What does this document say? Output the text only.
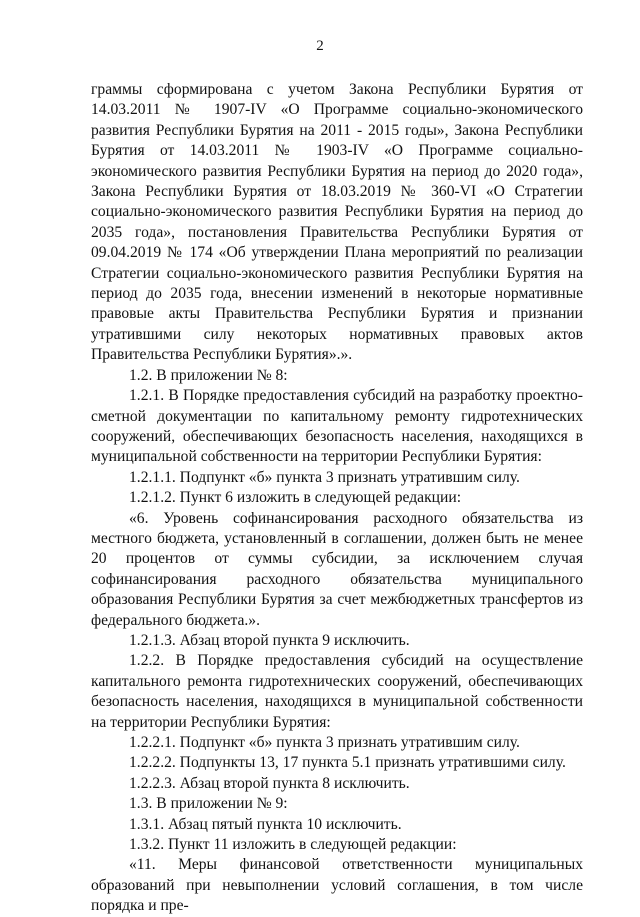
2

граммы сформирована с учетом Закона Республики Бурятия от 14.03.2011 № 1907-IV «О Программе социально-экономического развития Республики Бурятия на 2011 - 2015 годы», Закона Республики Бурятия от 14.03.2011 № 1903-IV «О Программе социально-экономического развития Республики Бурятия на период до 2020 года», Закона Республики Бурятия от 18.03.2019 № 360-VI «О Стратегии социально-экономического развития Республики Бурятия на период до 2035 года», постановления Правительства Республики Бурятия от 09.04.2019 № 174 «Об утверждении Плана мероприятий по реализации Стратегии социально-экономического развития Республики Бурятия на период до 2035 года, внесении изменений в некоторые нормативные правовые акты Правительства Республики Бурятия и признании утратившими силу некоторых нормативных правовых актов Правительства Республики Бурятия».».

1.2. В приложении № 8:

1.2.1. В Порядке предоставления субсидий на разработку проектно-сметной документации по капитальному ремонту гидротехнических сооружений, обеспечивающих безопасность населения, находящихся в муниципальной собственности на территории Республики Бурятия:

1.2.1.1. Подпункт «б» пункта 3 признать утратившим силу.

1.2.1.2. Пункт 6 изложить в следующей редакции:

«6. Уровень софинансирования расходного обязательства из местного бюджета, установленный в соглашении, должен быть не менее 20 процентов от суммы субсидии, за исключением случая софинансирования расходного обязательства муниципального образования Республики Бурятия за счет межбюджетных трансфертов из федерального бюджета.».

1.2.1.3. Абзац второй пункта 9 исключить.

1.2.2. В Порядке предоставления субсидий на осуществление капитального ремонта гидротехнических сооружений, обеспечивающих безопасность населения, находящихся в муниципальной собственности на территории Республики Бурятия:

1.2.2.1. Подпункт «б» пункта 3 признать утратившим силу.

1.2.2.2. Подпункты 13, 17 пункта 5.1 признать утратившими силу.

1.2.2.3. Абзац второй пункта 8 исключить.

1.3. В приложении № 9:

1.3.1. Абзац пятый пункта 10 исключить.

1.3.2. Пункт 11 изложить в следующей редакции:

«11. Меры финансовой ответственности муниципальных образований при невыполнении условий соглашения, в том числе порядка и пре-
